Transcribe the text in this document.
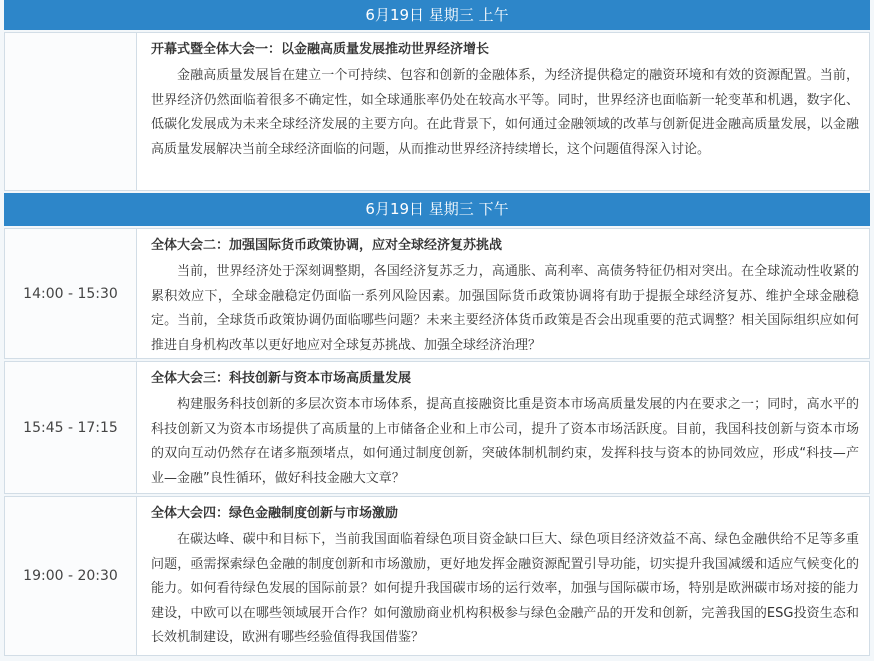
6月19日 星期三 上午
开幕式暨全体大会一：以金融高质量发展推动世界经济增长

金融高质量发展旨在建立一个可持续、包容和创新的金融体系，为经济提供稳定的融资环境和有效的资源配置。当前，世界经济仍然面临着很多不确定性，如全球通胀率仍处在较高水平等。同时，世界经济也面临新一轮变革和机遇，数字化、低碳化发展成为未来全球经济发展的主要方向。在此背景下，如何通过金融领域的改革与创新促进金融高质量发展，以金融高质量发展解决当前全球经济面临的问题，从而推动世界经济持续增长，这个问题值得深入讨论。

6月19日 星期三 下午
14:00 - 15:30
全体大会二：加强国际货币政策协调，应对全球经济复苏挑战

当前，世界经济处于深刻调整期，各国经济复苏乏力，高通胀、高利率、高债务特征仍相对突出。在全球流动性收紧的累积效应下，全球金融稳定仍面临一系列风险因素。加强国际货币政策协调将有助于提振全球经济复苏、维护全球金融稳定。当前，全球货币政策协调仍面临哪些问题？未来主要经济体货币政策是否会出现重要的范式调整？相关国际组织应如何推进自身机构改革以更好地应对全球复苏挑战、加强全球经济治理？

15:45 - 17:15
全体大会三：科技创新与资本市场高质量发展

构建服务科技创新的多层次资本市场体系，提高直接融资比重是资本市场高质量发展的内在要求之一；同时，高水平的科技创新又为资本市场提供了高质量的上市储备企业和上市公司，提升了资本市场活跃度。目前，我国科技创新与资本市场的双向互动仍然存在诸多瓶颈堵点，如何通过制度创新，突破体制机制约束，发挥科技与资本的协同效应，形成“科技—产业—金融”良性循环，做好科技金融大文章？

19:00 - 20:30
全体大会四：绿色金融制度创新与市场激励

在碳达峰、碳中和目标下，当前我国面临着绿色项目资金缺口巨大、绿色项目经济效益不高、绿色金融供给不足等多重问题，亟需探索绿色金融的制度创新和市场激励，更好地发挥金融资源配置引导功能，切实提升我国减缓和适应气候变化的能力。如何看待绿色发展的国际前景？如何提升我国碳市场的运行效率，加强与国际碳市场，特别是欧洲碳市场对接的能力建设，中欧可以在哪些领域展开合作？如何激励商业机构积极参与绿色金融产品的开发和创新，完善我国的ESG投资生态和长效机制建设，欧洲有哪些经验值得我国借鉴？
